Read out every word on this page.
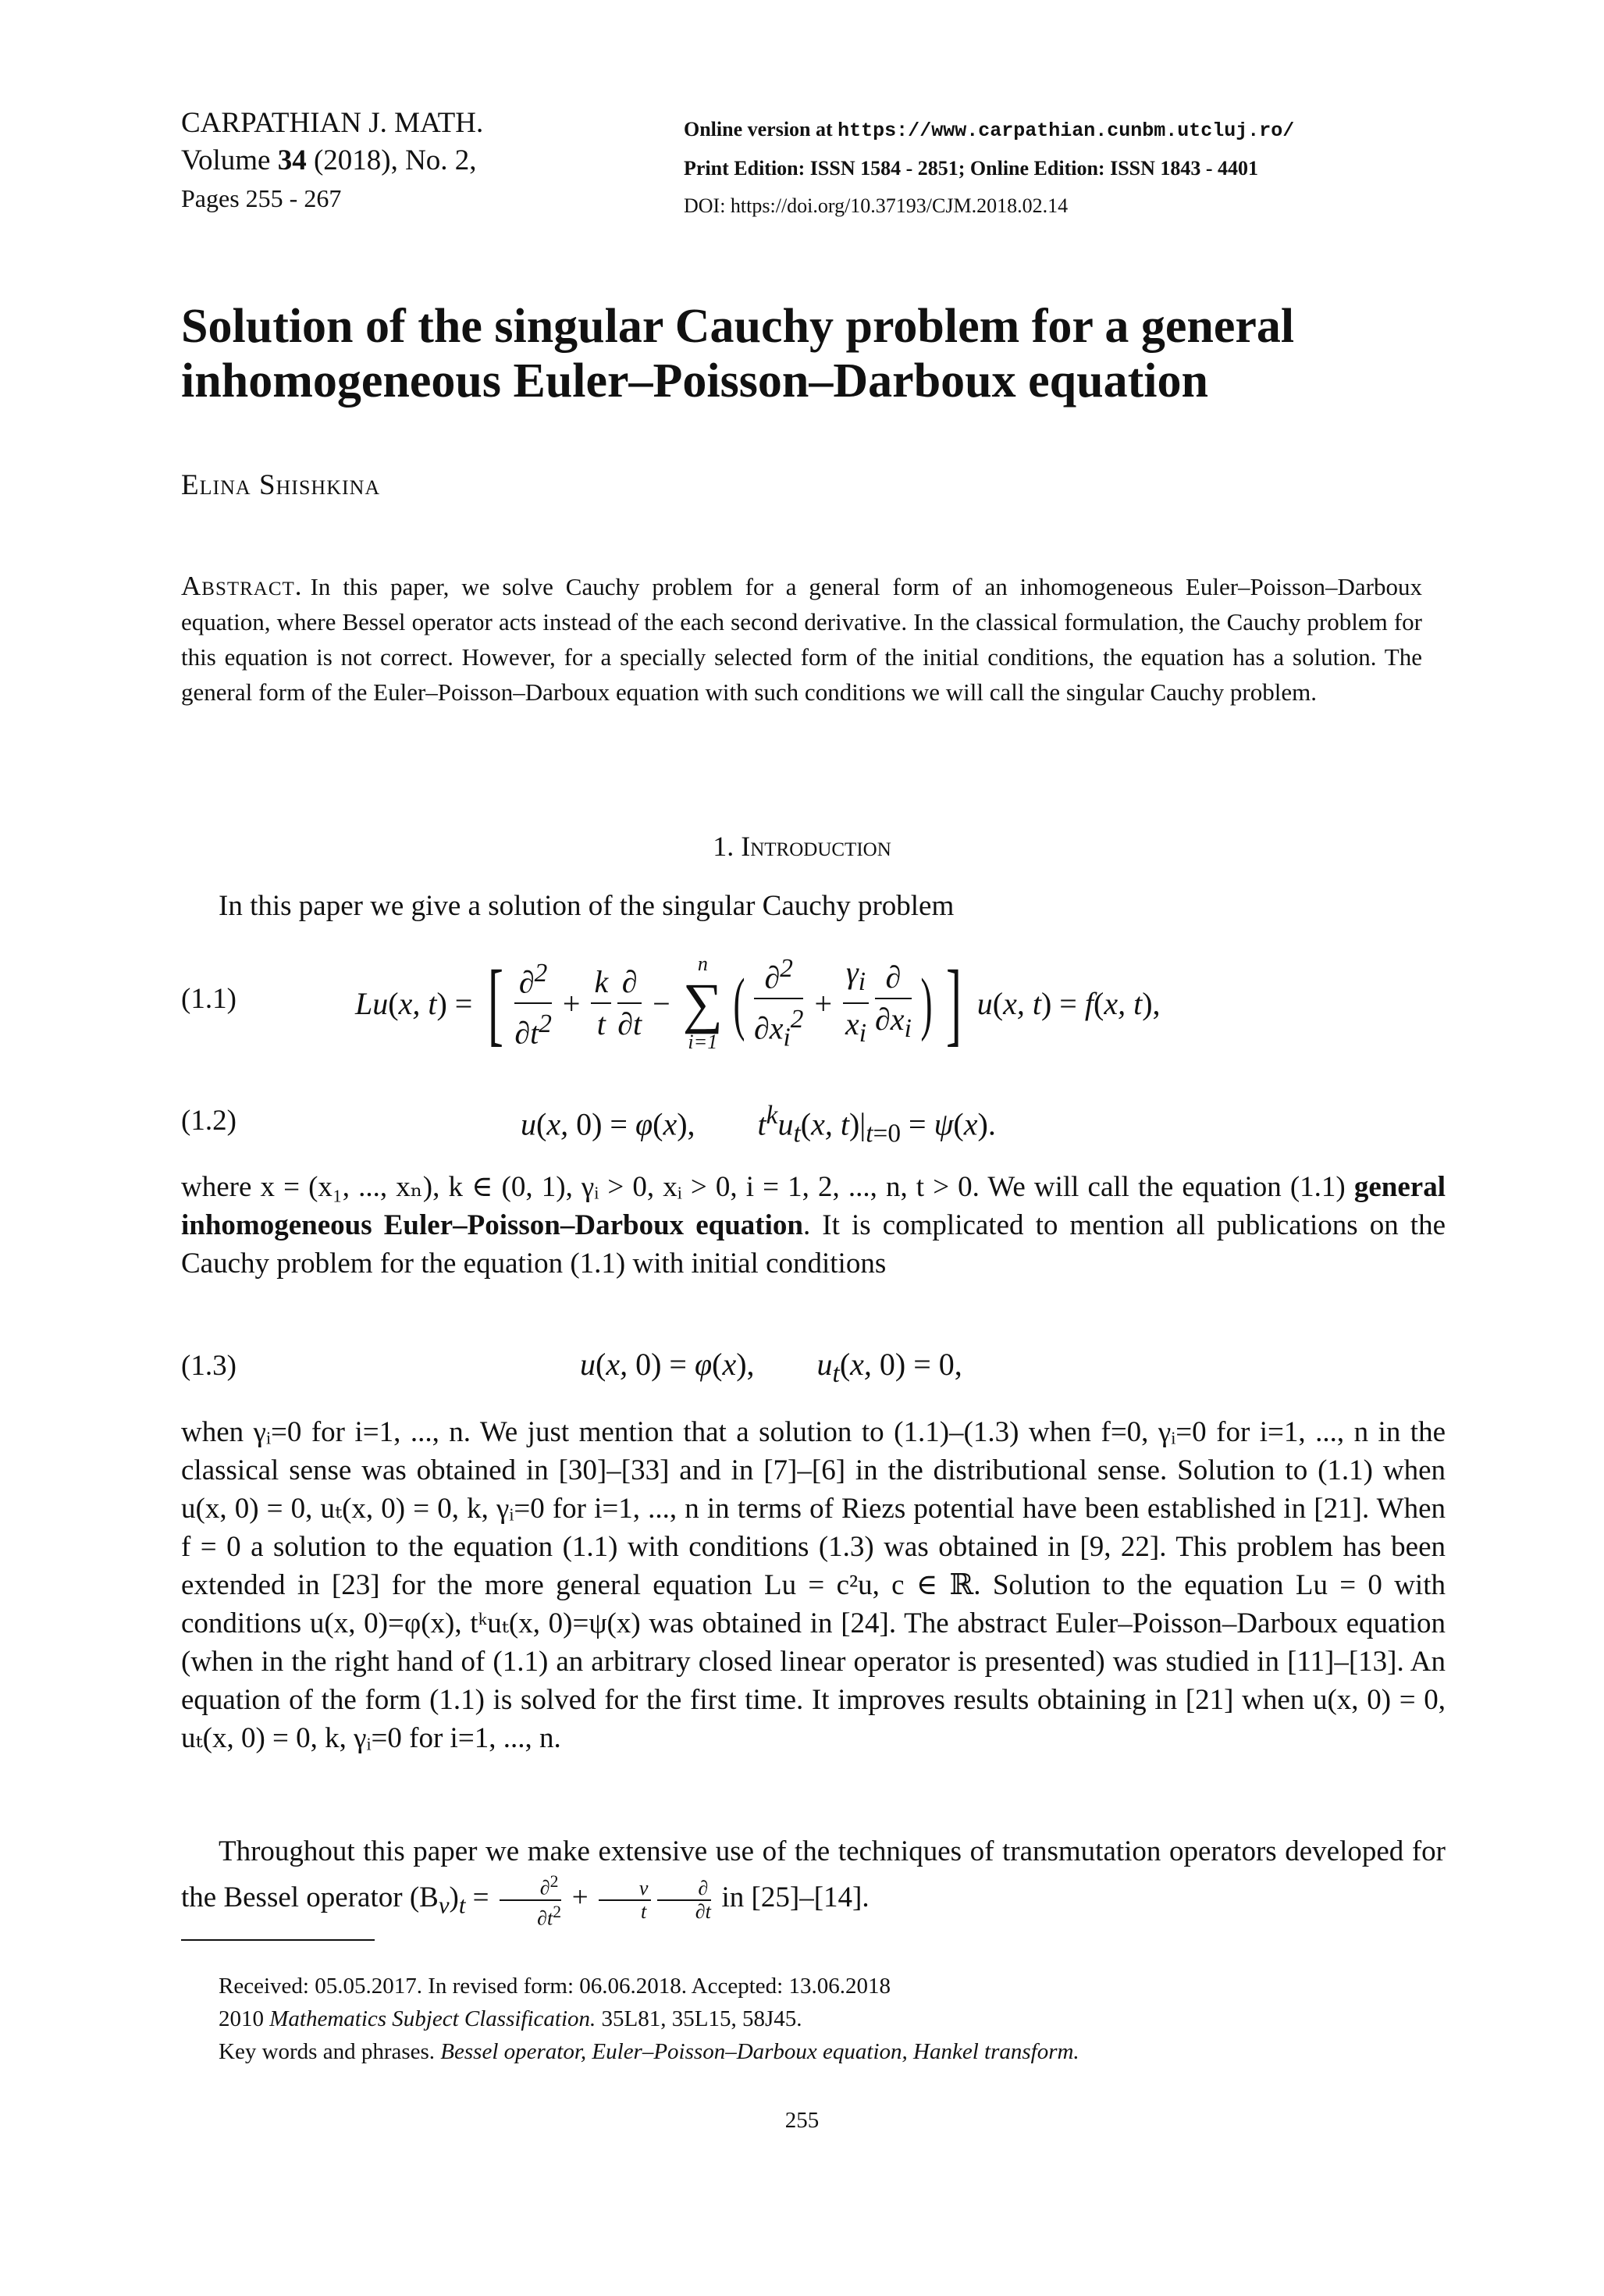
CARPATHIAN J. MATH.
Volume 34 (2018), No. 2,
Pages 255 - 267
Online version at https://www.carpathian.cunbm.utcluj.ro/
Print Edition: ISSN 1584 - 2851; Online Edition: ISSN 1843 - 4401
DOI: https://doi.org/10.37193/CJM.2018.02.14
Solution of the singular Cauchy problem for a general
inhomogeneous Euler–Poisson–Darboux equation
Elina Shishkina
Abstract. In this paper, we solve Cauchy problem for a general form of an inhomogeneous Euler–Poisson–Darboux equation, where Bessel operator acts instead of the each second derivative. In the classical formulation, the Cauchy problem for this equation is not correct. However, for a specially selected form of the initial conditions, the equation has a solution. The general form of the Euler–Poisson–Darboux equation with such conditions we will call the singular Cauchy problem.
1. Introduction
In this paper we give a solution of the singular Cauchy problem
(1.1)	Lu ( x, t ) = [ $\frac{\partial^2}{\partial t^2} + \frac{k}{t} \frac{\partial}{\partial t}$ −
n
∑
i=1 ( $\frac{\partial^2}{\partial x_i^2} + \frac{\gamma_i}{x_i} \frac{\partial}{\partial x_i}$ ) ] u ( x, t ) = f ( x, t ),
(1.2)	u(x, 0) = φ(x),        $t^ku_t(x$, $t)|_{t=0} = \psi(x)$.
where x = (x₁, ..., xₙ), k ∈ (0, 1), γᵢ > 0, xᵢ > 0, i = 1, 2, ..., n, t > 0. We will call the equation (1.1) general inhomogeneous Euler–Poisson–Darboux equation. It is complicated to mention all publications on the Cauchy problem for the equation (1.1) with initial conditions
(1.3)	u(x, 0) = φ(x),        $u_t(x$, 0) = 0,
when γᵢ=0 for i=1, ..., n. We just mention that a solution to (1.1)–(1.3) when f=0, γᵢ=0 for i=1, ..., n in the classical sense was obtained in [30]–[33] and in [7]–[6] in the distributional sense. Solution to (1.1) when u(x, 0) = 0, uₜ(x, 0) = 0, k, γᵢ=0 for i=1, ..., n in terms of Riezs potential have been established in [21]. When f = 0 a solution to the equation (1.1) with conditions (1.3) was obtained in [9, 22]. This problem has been extended in [23] for the more general equation Lu = c²u, c ∈ ℝ. Solution to the equation Lu = 0 with conditions u(x, 0)=φ(x), tᵏuₜ(x, 0)=ψ(x) was obtained in [24]. The abstract Euler–Poisson–Darboux equation (when in the right hand of (1.1) an arbitrary closed linear operator is presented) was studied in [11]–[13]. An equation of the form (1.1) is solved for the first time. It improves results obtaining in [21] when u(x, 0) = 0, uₜ(x, 0) = 0, k, γᵢ=0 for i=1, ..., n.
Throughout this paper we make extensive use of the techniques of transmutation operators developed for the Bessel operator $(B_\nu)_t = \frac{\partial^2}{\partial t^2} + \frac{\nu}{t} \frac{\partial}{\partial t}$ in [25]–[14].
Received: 05.05.2017. In revised form: 06.06.2018. Accepted: 13.06.2018
2010 Mathematics Subject Classification. 35L81, 35L15, 58J45.
Key words and phrases. Bessel operator, Euler–Poisson–Darboux equation, Hankel transform.
255
